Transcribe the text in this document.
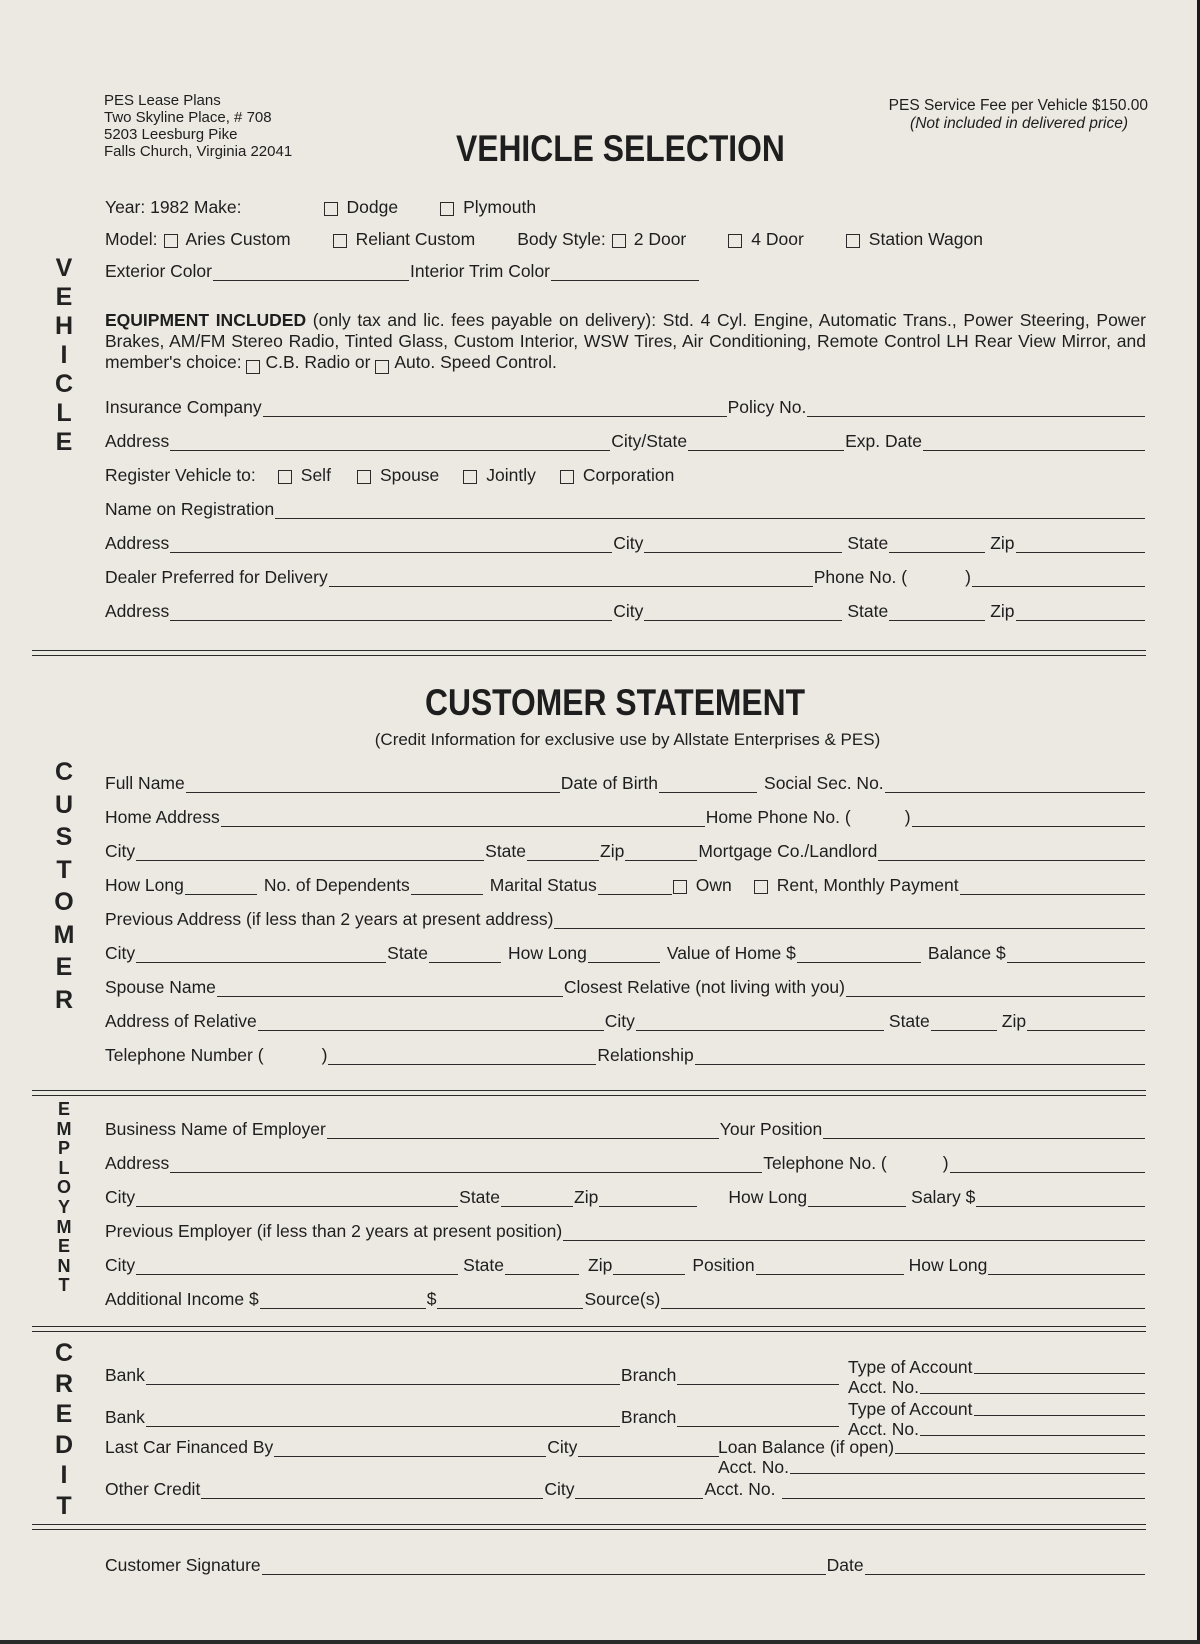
PES Lease Plans
Two Skyline Place, # 708
5203 Leesburg Pike
Falls Church, Virginia 22041
PES Service Fee per Vehicle $150.00
(Not included in delivered price)
VEHICLE SELECTION
V
E
H
I
C
L
E
C
U
S
T
O
M
E
R
E
M
P
L
O
Y
M
E
N
T
C
R
E
D
I
T
Year: 1982 Make:	Dodge	Plymouth
Model: Aries Custom	Reliant Custom Body Style: 2 Door	4 Door	Station Wagon
Exterior Color	Interior Trim Color
EQUIPMENT INCLUDED (only tax and lic. fees payable on delivery): Std. 4 Cyl. Engine, Automatic Trans., Power Steering, Power Brakes, AM/FM Stereo Radio, Tinted Glass, Custom Interior, WSW Tires, Air Conditioning, Remote Control LH Rear View Mirror, and member's choice: C.B. Radio or Auto. Speed Control.
Insurance Company	Policy No.
Address	City/State	Exp. Date
Register Vehicle to:	Self	Spouse	Jointly	Corporation
Name on Registration
Address	City	State	Zip
Dealer Preferred for Delivery	Phone No. (	)
Address	City	State	Zip
CUSTOMER STATEMENT
(Credit Information for exclusive use by Allstate Enterprises & PES)
Full Name	Date of Birth	Social Sec. No.
Home Address	Home Phone No. (	)
City	State	Zip	Mortgage Co./Landlord
How Long	No. of Dependents	Marital Status	Own	Rent, Monthly Payment
Previous Address (if less than 2 years at present address)
City	State	How Long	Value of Home $	Balance $
Spouse Name	Closest Relative (not living with you)
Address of Relative	City	State	Zip
Telephone Number (	)	Relationship
Business Name of Employer	Your Position
Address	Telephone No. (	)
City	State	Zip	How Long	Salary $
Previous Employer (if less than 2 years at present position)
City	State	Zip	Position	How Long
Additional Income $	$	Source(s)
Bank	Branch	Type of Account
Acct. No.
Bank	Branch	Type of Account
Acct. No.
Last Car Financed By	City	Loan Balance (if open)
Acct. No.
Other Credit	City	Acct. No.
Customer Signature	Date
